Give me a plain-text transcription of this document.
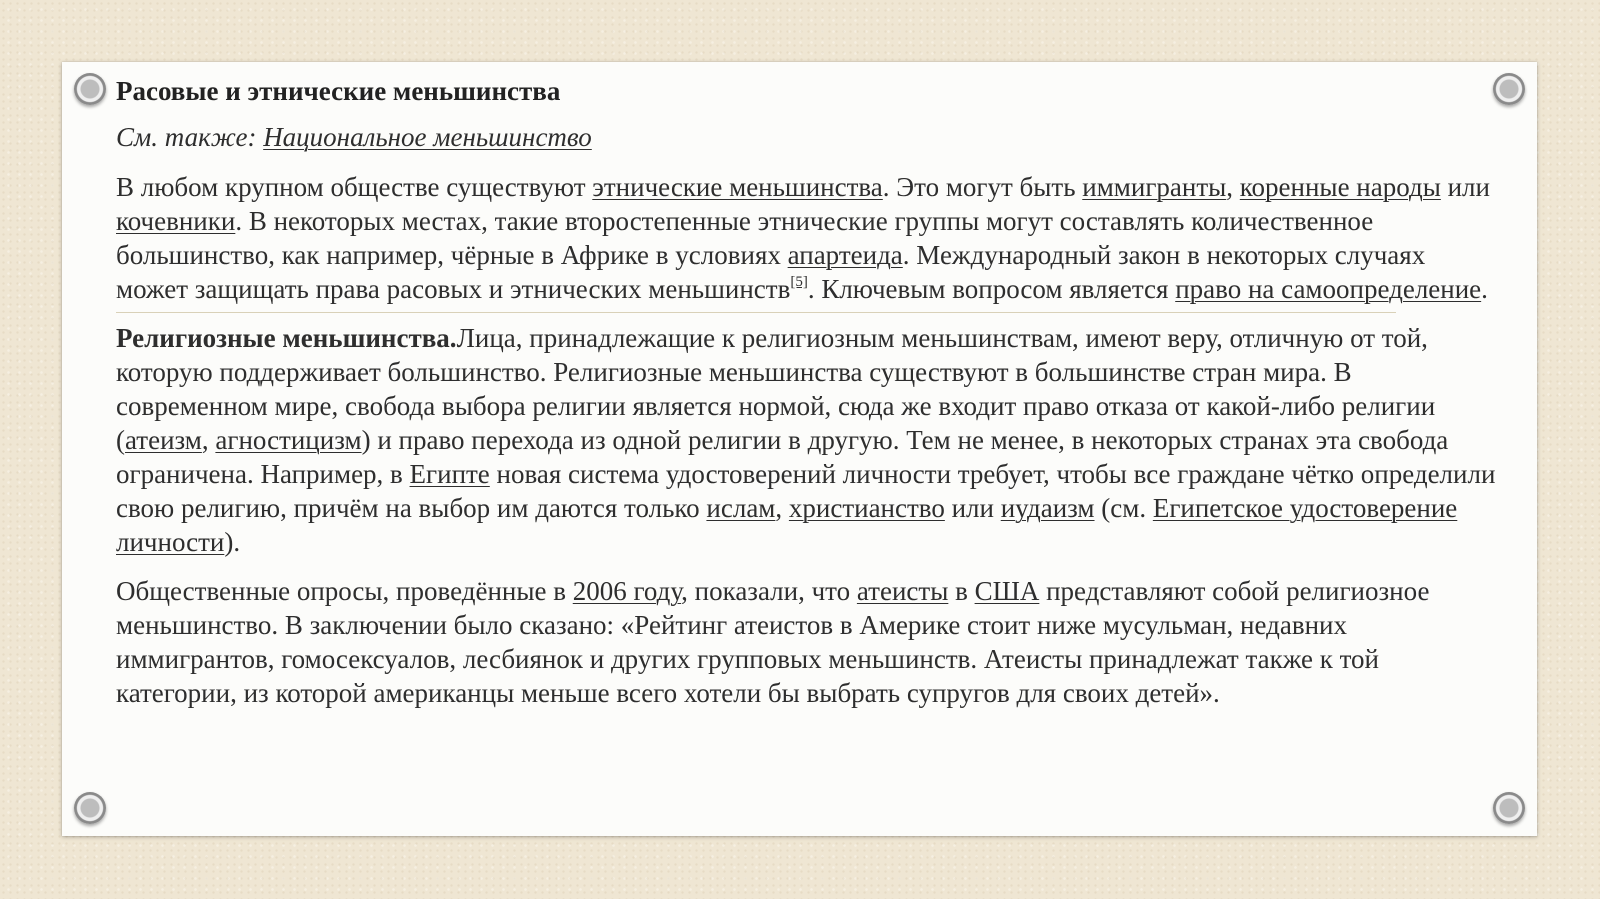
Расовые и этнические меньшинства
См. также: Национальное меньшинство

В любом крупном обществе существуют этнические меньшинства. Это могут быть иммигранты, коренные народы или кочевники. В некоторых местах, такие второстепенные этнические группы могут составлять количественное большинство, как например, чёрные в Африке в условиях апартеида. Международный закон в некоторых случаях может защищать права расовых и этнических меньшинств[5]. Ключевым вопросом является право на самоопределение.

Религиозные меньшинства.Лица, принадлежащие к религиозным меньшинствам, имеют веру, отличную от той, которую поддерживает большинство. Религиозные меньшинства существуют в большинстве стран мира. В современном мире, свобода выбора религии является нормой, сюда же входит право отказа от какой-либо религии (атеизм, агностицизм) и право перехода из одной религии в другую. Тем не менее, в некоторых странах эта свобода ограничена. Например, в Египте новая система удостоверений личности требует, чтобы все граждане чётко определили свою религию, причём на выбор им даются только ислам, христианство или иудаизм (см. Египетское удостоверение личности).

Общественные опросы, проведённые в 2006 году, показали, что атеисты в США представляют собой религиозное меньшинство. В заключении было сказано: «Рейтинг атеистов в Америке стоит ниже мусульман, недавних иммигрантов, гомосексуалов, лесбиянок и других групповых меньшинств. Атеисты принадлежат также к той категории, из которой американцы меньше всего хотели бы выбрать супругов для своих детей».
